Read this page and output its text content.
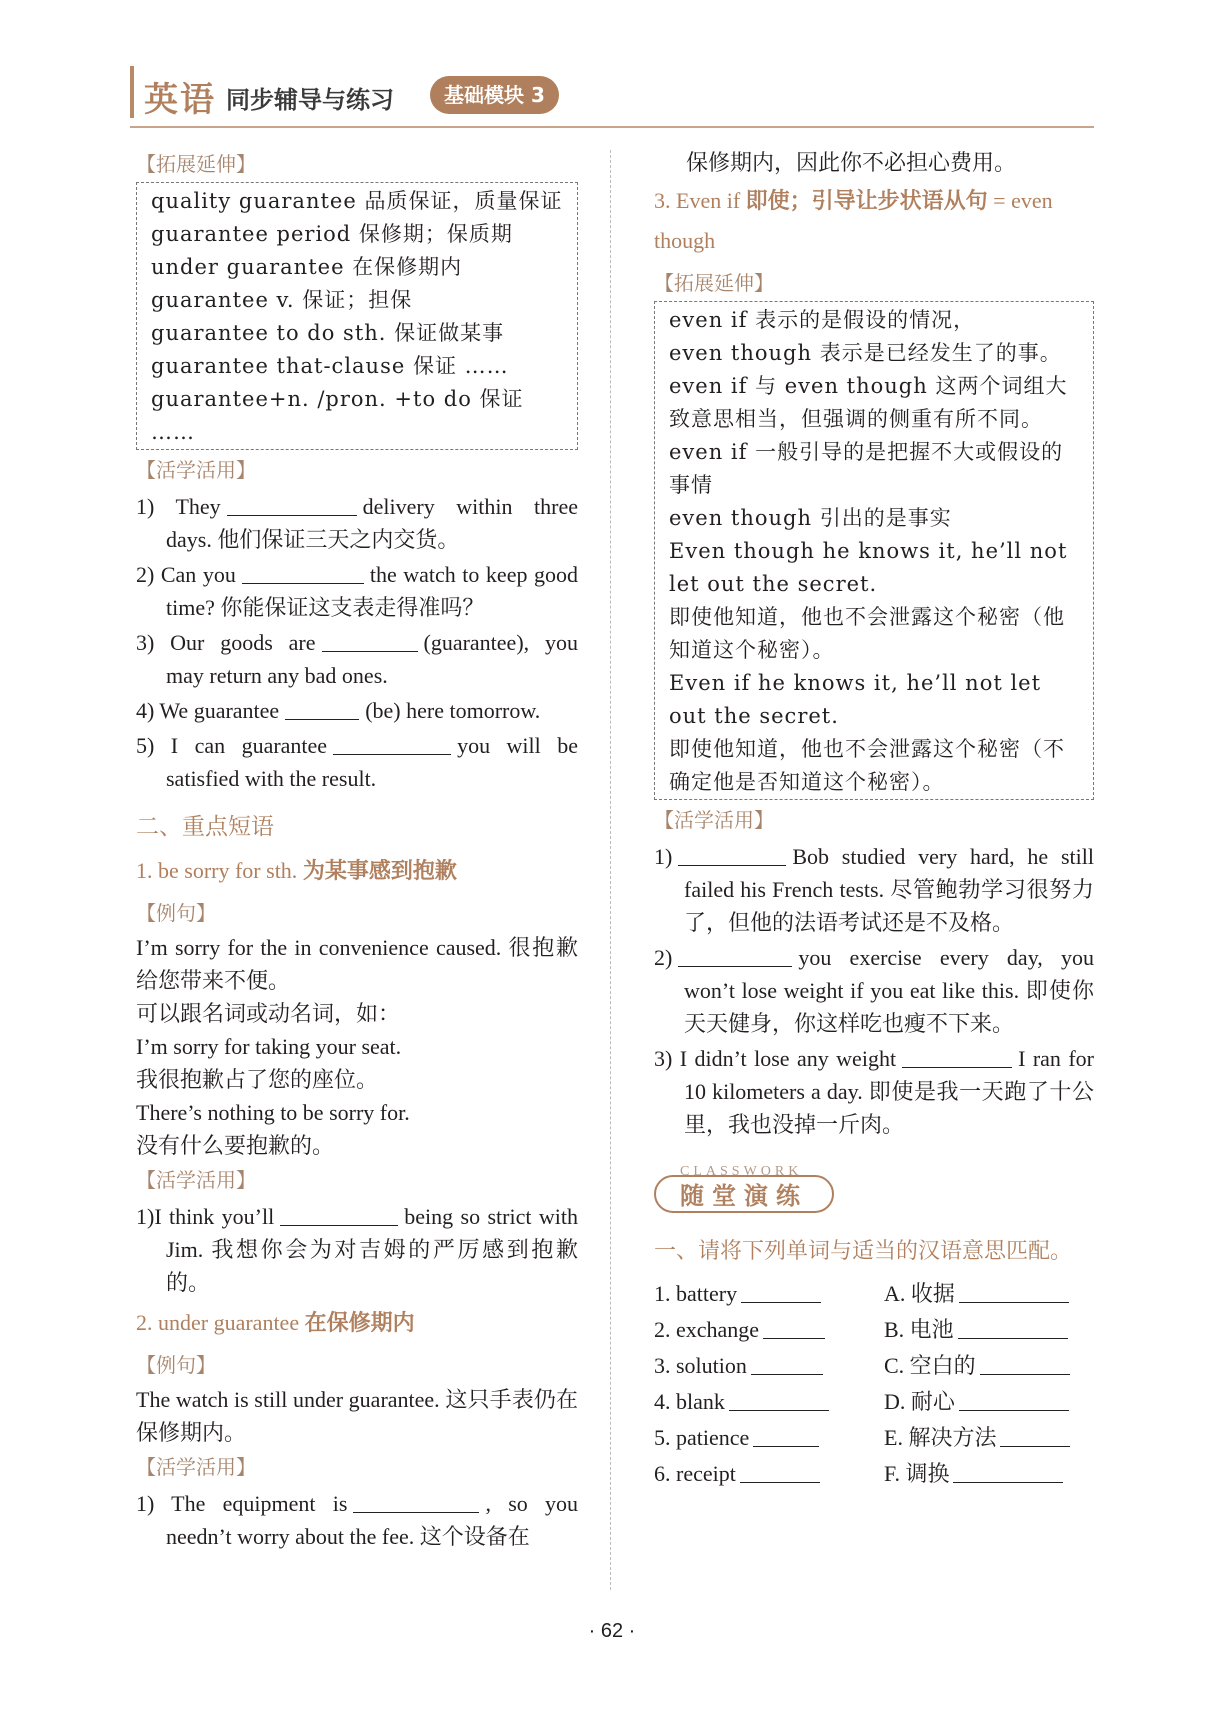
英语 同步辅导与练习	基础模块 3
【拓展延伸】

quality guarantee 品质保证，质量保证

guarantee period 保修期；保质期

under guarantee 在保修期内

guarantee v. 保证；担保

guarantee to do sth. 保证做某事

guarantee that-clause 保证 ……

guarantee+n. /pron. +to do 保证 ……

【活学活用】

1) They	delivery within three days. 他们保证三天之内交货。

2) Can you	the watch to keep good time? 你能保证这支表走得准吗？

3) Our goods are	(guarantee), you may return any bad ones.

4) We guarantee	(be) here tomorrow.

5) I can guarantee	you will be satisfied with the result.

二、重点短语
1. be sorry for sth. 为某事感到抱歉
【例句】

I’m sorry for the in convenience caused. 很抱歉给您带来不便。

可以跟名词或动名词，如：

I’m sorry for taking your seat.

我很抱歉占了您的座位。

There’s nothing to be sorry for.

没有什么要抱歉的。

【活学活用】

1)I think you’ll	being so strict with Jim. 我想你会为对吉姆的严厉感到抱歉的。

2. under guarantee 在保修期内
【例句】

The watch is still under guarantee. 这只手表仍在保修期内。

【活学活用】

1) The equipment is	, so you needn’t worry about the fee. 这个设备在

保修期内，因此你不必担心费用。

3. Even if 即使；引导让步状语从句 = even though
【拓展延伸】

even if 表示的是假设的情况，

even though 表示是已经发生了的事。

even if 与 even though 这两个词组大致意思相当，但强调的侧重有所不同。

even if 一般引导的是把握不大或假设的事情

even though 引出的是事实

Even though he knows it, he’ll not let out the secret.

即使他知道，他也不会泄露这个秘密（他知道这个秘密）。

Even if he knows it, he’ll not let out the secret.

即使他知道，他也不会泄露这个秘密（不确定他是否知道这个秘密）。

【活学活用】

1)	Bob studied very hard, he still failed his French tests. 尽管鲍勃学习很努力了，但他的法语考试还是不及格。

2)	you exercise every day, you won’t lose weight if you eat like this. 即使你天天健身，你这样吃也瘦不下来。

3) I didn’t lose any weight	I ran for 10 kilometers a day. 即使是我一天跑了十公里，我也没掉一斤肉。

CLASSWORK
随堂演练
一、请将下列单词与适当的汉语意思匹配。
1. battery	A. 收据
2. exchange	B. 电池
3. solution	C. 空白的
4. blank	D. 耐心
5. patience	E. 解决方法
6. receipt	F. 调换
· 62 ·
